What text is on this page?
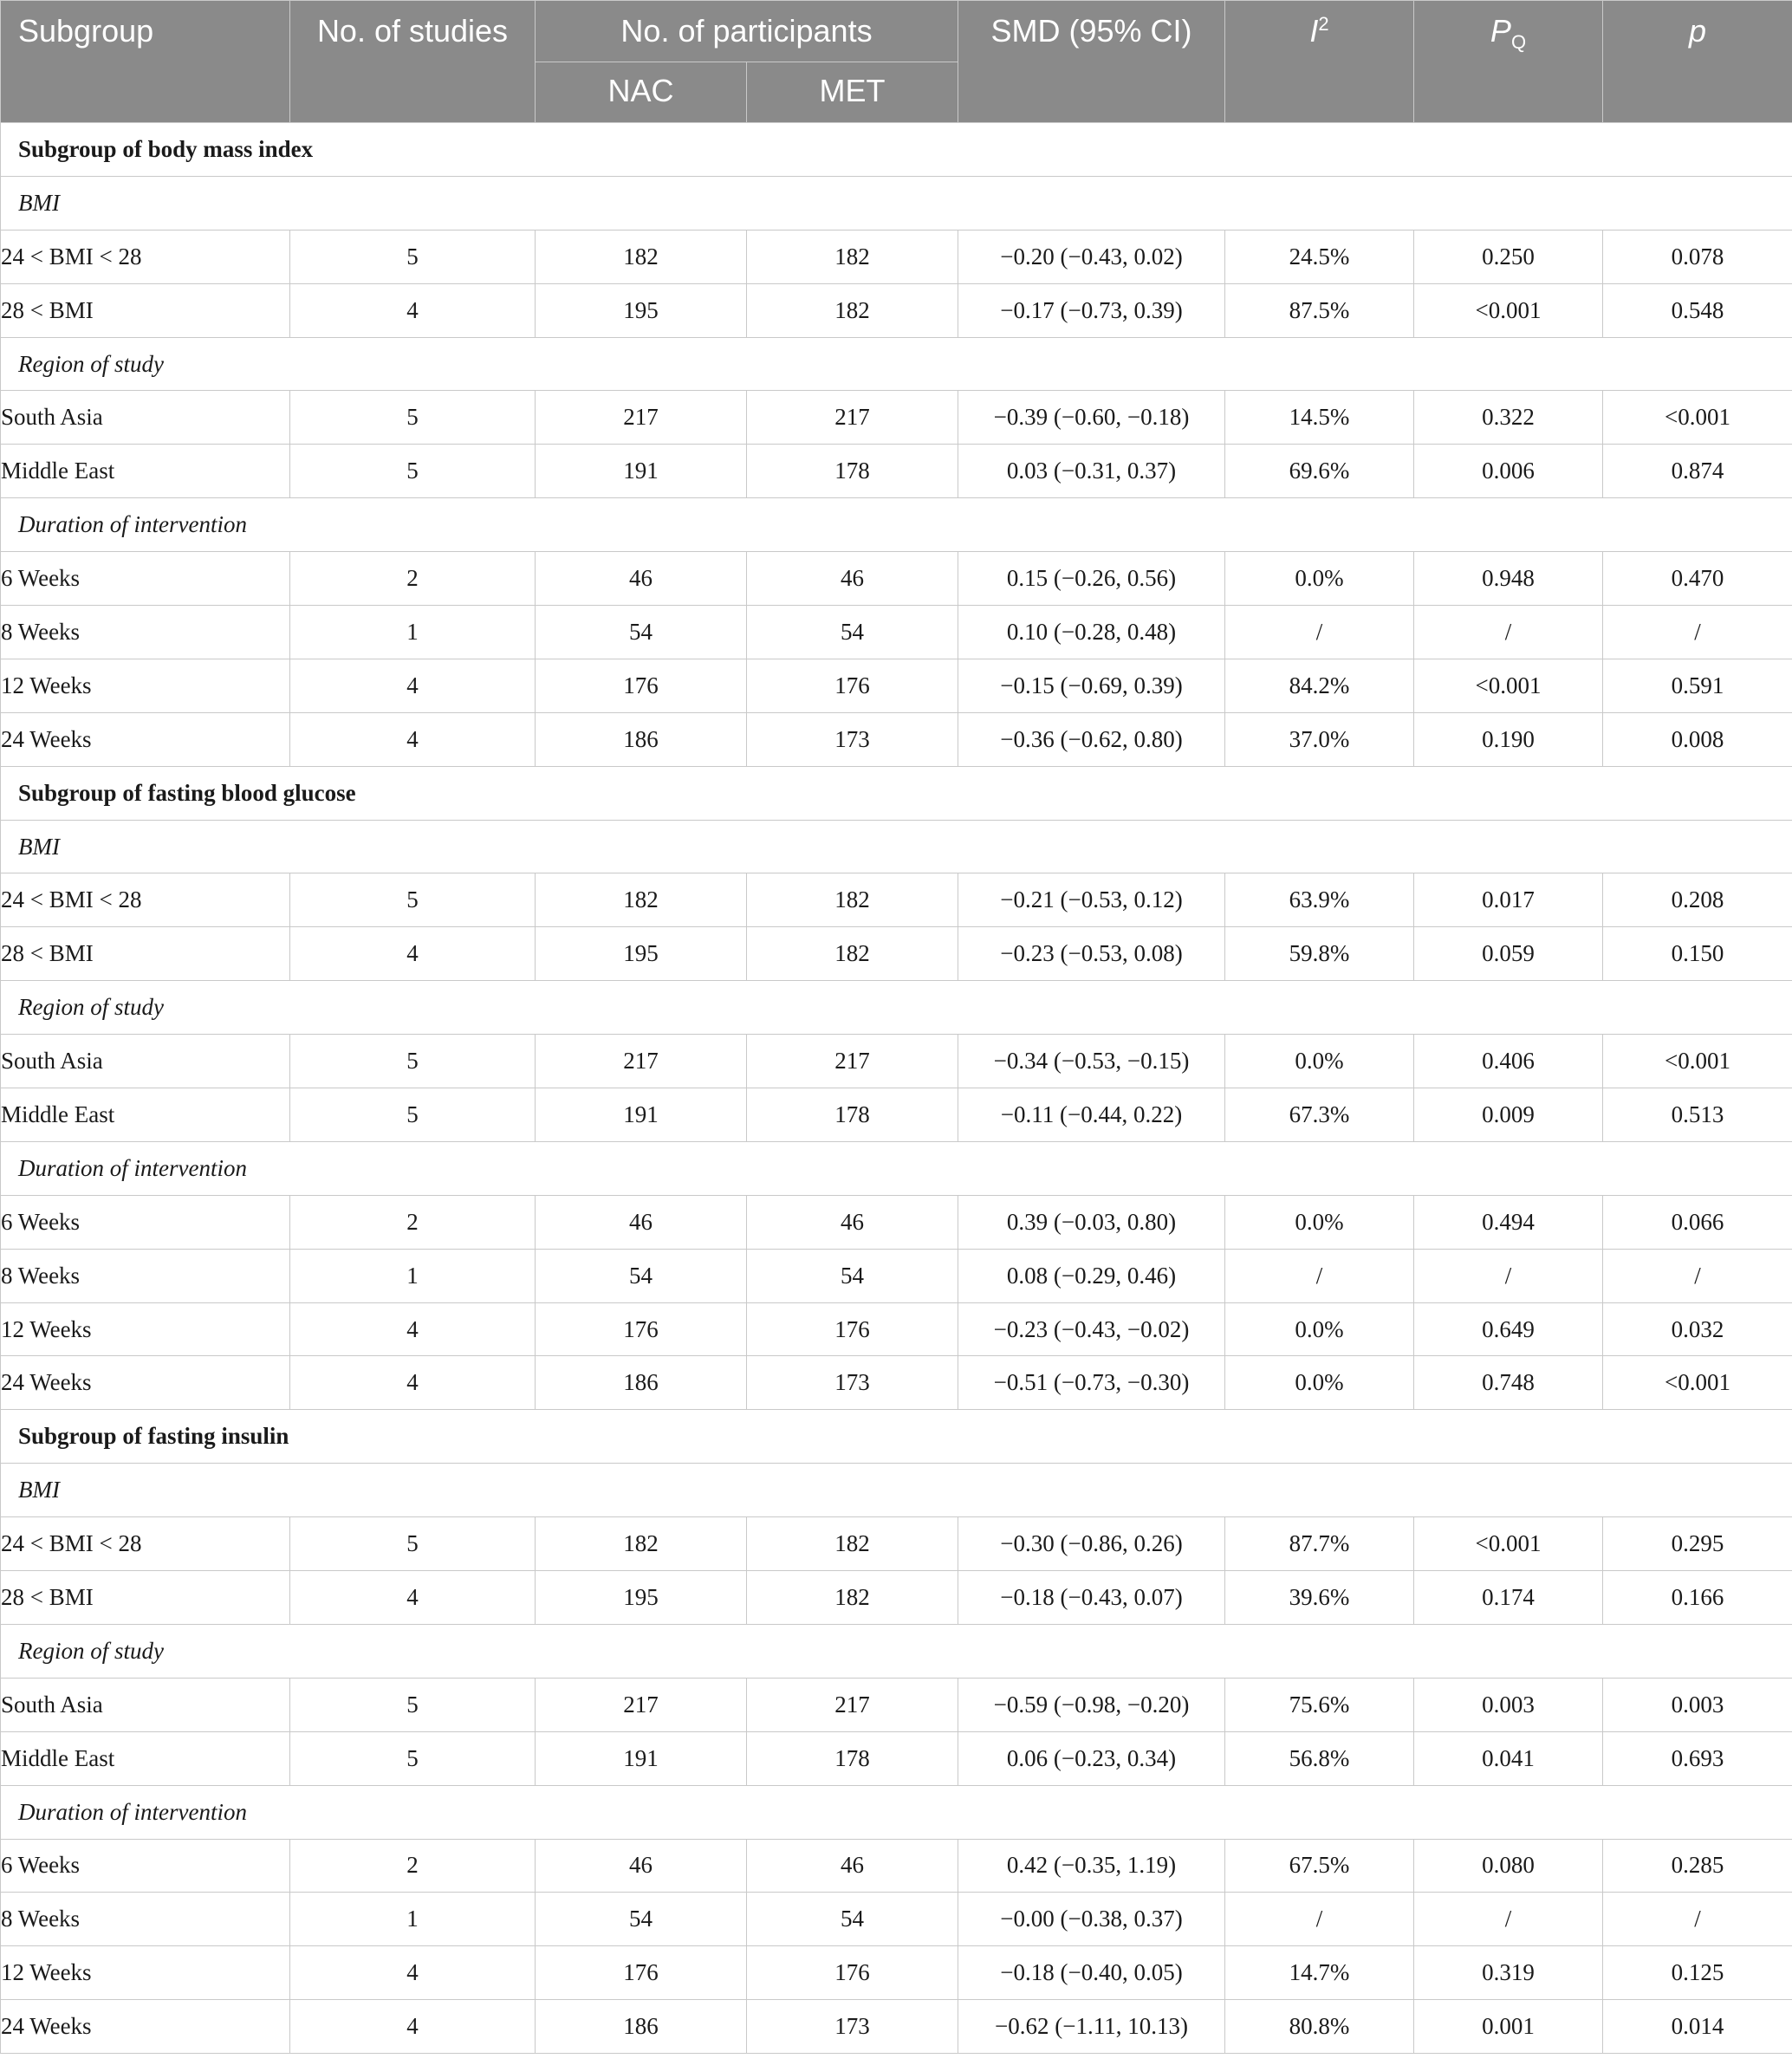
Subgroup	No. of studies	No. of participants		SMD (95% CI)	$I^2$	$P_Q$	p
		NAC	MET				
Subgroup of body mass index							
BMI							
24 < BMI < 28	5	182	182	−0.20 (−0.43, 0.02)	24.5%	0.250	0.078
28 < BMI	4	195	182	−0.17 (−0.73, 0.39)	87.5%	<0.001	0.548
Region of study							
South Asia	5	217	217	−0.39 (−0.60, −0.18)	14.5%	0.322	<0.001
Middle East	5	191	178	0.03 (−0.31, 0.37)	69.6%	0.006	0.874
Duration of intervention							
6 Weeks	2	46	46	0.15 (−0.26, 0.56)	0.0%	0.948	0.470
8 Weeks	1	54	54	0.10 (−0.28, 0.48)	/	/	/
12 Weeks	4	176	176	−0.15 (−0.69, 0.39)	84.2%	<0.001	0.591
24 Weeks	4	186	173	−0.36 (−0.62, 0.80)	37.0%	0.190	0.008
Subgroup of fasting blood glucose							
BMI							
24 < BMI < 28	5	182	182	−0.21 (−0.53, 0.12)	63.9%	0.017	0.208
28 < BMI	4	195	182	−0.23 (−0.53, 0.08)	59.8%	0.059	0.150
Region of study							
South Asia	5	217	217	−0.34 (−0.53, −0.15)	0.0%	0.406	<0.001
Middle East	5	191	178	−0.11 (−0.44, 0.22)	67.3%	0.009	0.513
Duration of intervention							
6 Weeks	2	46	46	0.39 (−0.03, 0.80)	0.0%	0.494	0.066
8 Weeks	1	54	54	0.08 (−0.29, 0.46)	/	/	/
12 Weeks	4	176	176	−0.23 (−0.43, −0.02)	0.0%	0.649	0.032
24 Weeks	4	186	173	−0.51 (−0.73, −0.30)	0.0%	0.748	<0.001
Subgroup of fasting insulin							
BMI							
24 < BMI < 28	5	182	182	−0.30 (−0.86, 0.26)	87.7%	<0.001	0.295
28 < BMI	4	195	182	−0.18 (−0.43, 0.07)	39.6%	0.174	0.166
Region of study							
South Asia	5	217	217	−0.59 (−0.98, −0.20)	75.6%	0.003	0.003
Middle East	5	191	178	0.06 (−0.23, 0.34)	56.8%	0.041	0.693
Duration of intervention							
6 Weeks	2	46	46	0.42 (−0.35, 1.19)	67.5%	0.080	0.285
8 Weeks	1	54	54	−0.00 (−0.38, 0.37)	/	/	/
12 Weeks	4	176	176	−0.18 (−0.40, 0.05)	14.7%	0.319	0.125
24 Weeks	4	186	173	−0.62 (−1.11, 10.13)	80.8%	0.001	0.014
